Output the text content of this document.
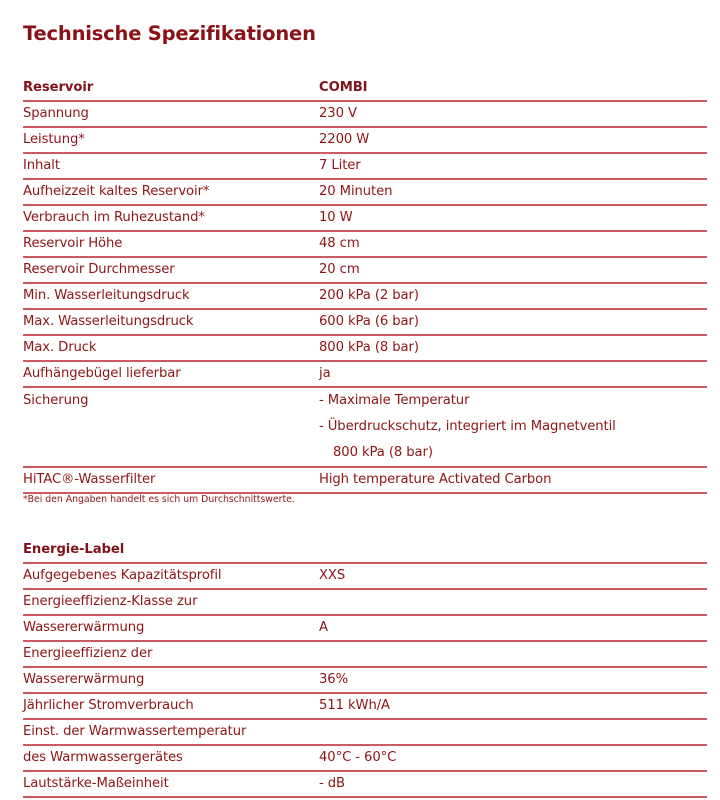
Technische Spezifikationen
Reservoir	COMBI
Spannung	230 V
Leistung*	2200 W
Inhalt	7 Liter
Aufheizzeit kaltes Reservoir*	20 Minuten
Verbrauch im Ruhezustand*	10 W
Reservoir Höhe	48 cm
Reservoir Durchmesser	20 cm
Min. Wasserleitungsdruck	200 kPa (2 bar)
Max. Wasserleitungsdruck	600 kPa (6 bar)
Max. Druck	800 kPa (8 bar)
Aufhängebügel lieferbar	ja
Sicherung	- Maximale Temperatur
- Überdruckschutz, integriert im Magnetventil
800 kPa (8 bar)

HiTAC®-Wasserfilter	High temperature Activated Carbon
*Bei den Angaben handelt es sich um Durchschnittswerte.
Energie-Label	
Aufgegebenes Kapazitätsprofil	XXS
Energieeffizienz-Klasse zur	
Wassererwärmung	A
Energieeffizienz der	
Wassererwärmung	36%
Jährlicher Stromverbrauch	511 kWh/A
Einst. der Warmwassertemperatur	
des Warmwassergerätes	40°C - 60°C
Lautstärke-Maßeinheit	- dB
